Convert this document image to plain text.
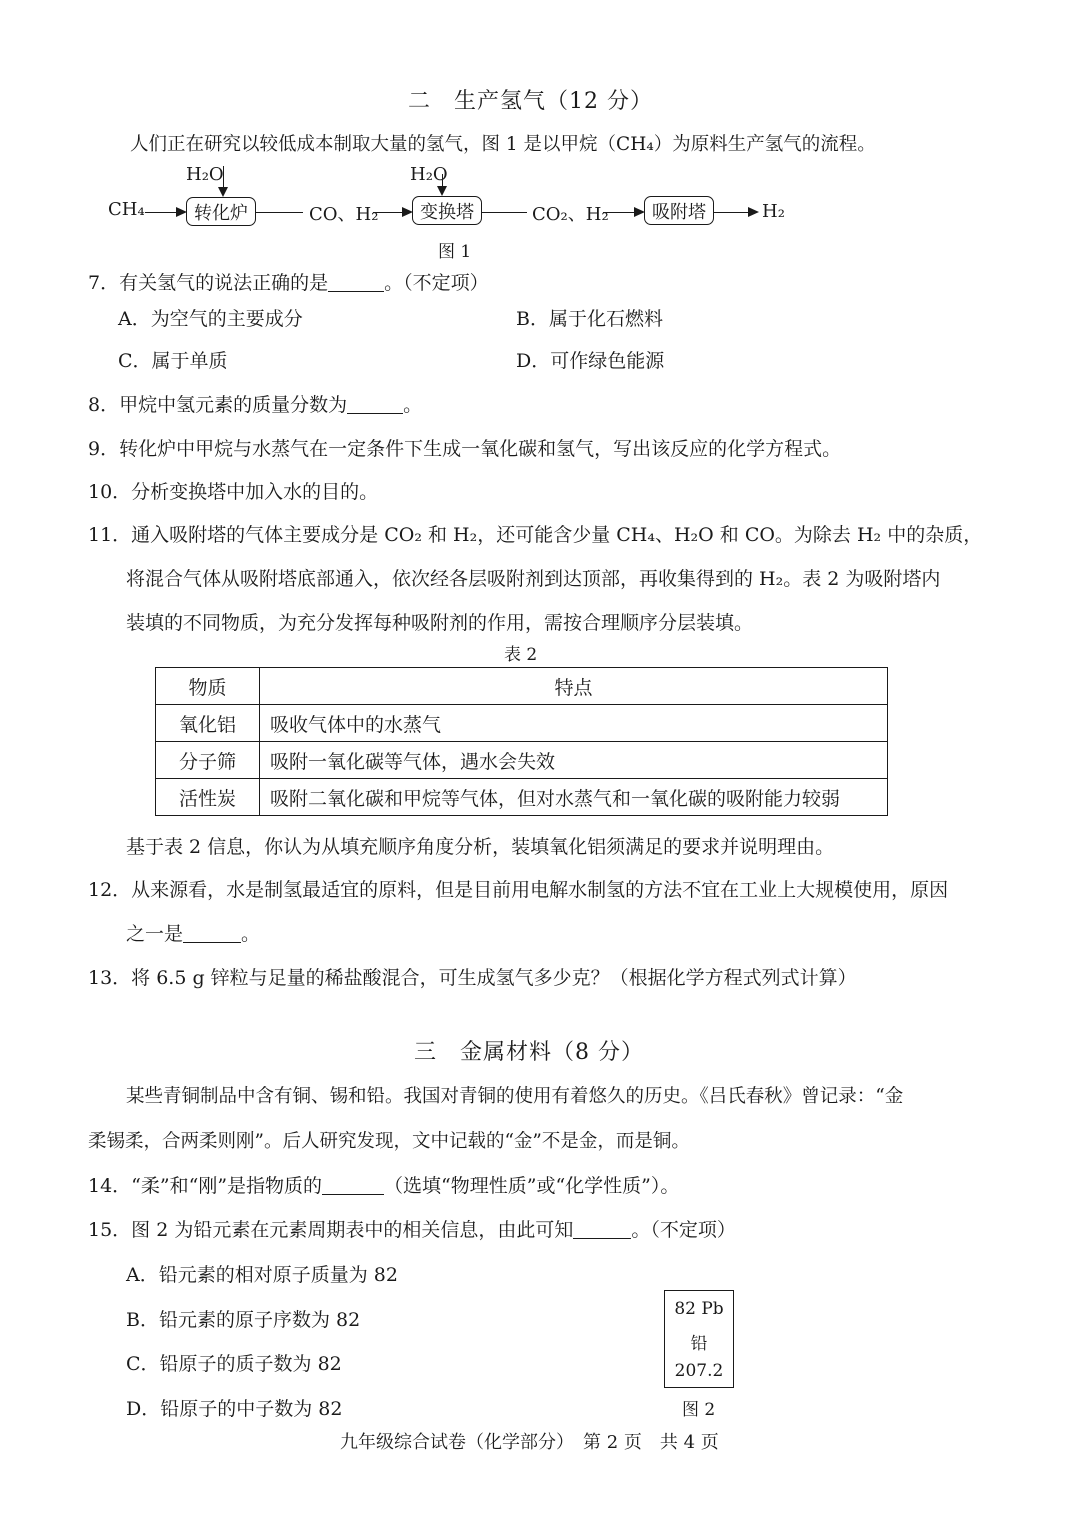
二　生产氢气（12 分）
人们正在研究以较低成本制取大量的氢气，图 1 是以甲烷（CH₄）为原料生产氢气的流程。
CH₄
H₂O
转化炉	CO、H₂
H₂O
变换塔	CO₂、H₂	吸附塔	H₂
图 1
7．有关氢气的说法正确的是	。（不定项）
A．为空气的主要成分	B．属于化石燃料
C．属于单质	D．可作绿色能源
8．甲烷中氢元素的质量分数为	。
9．转化炉中甲烷与水蒸气在一定条件下生成一氧化碳和氢气，写出该反应的化学方程式。
10．分析变换塔中加入水的目的。
11．通入吸附塔的气体主要成分是 CO₂ 和 H₂，还可能含少量 CH₄、H₂O 和 CO。为除去 H₂ 中的杂质，
将混合气体从吸附塔底部通入，依次经各层吸附剂到达顶部，再收集得到的 H₂。表 2 为吸附塔内
装填的不同物质，为充分发挥每种吸附剂的作用，需按合理顺序分层装填。
表 2
物质	特点
氧化铝	吸收气体中的水蒸气
分子筛	吸附一氧化碳等气体，遇水会失效
活性炭	吸附二氧化碳和甲烷等气体，但对水蒸气和一氧化碳的吸附能力较弱
基于表 2 信息，你认为从填充顺序角度分析，装填氧化铝须满足的要求并说明理由。
12．从来源看，水是制氢最适宜的原料，但是目前用电解水制氢的方法不宜在工业上大规模使用，原因
之一是	。
13．将 6.5 g 锌粒与足量的稀盐酸混合，可生成氢气多少克？（根据化学方程式列式计算）
三　金属材料（8 分）
某些青铜制品中含有铜、锡和铅。我国对青铜的使用有着悠久的历史。《吕氏春秋》曾记录：“金
柔锡柔，合两柔则刚”。后人研究发现，文中记载的“金”不是金，而是铜。
14．“柔”和“刚”是指物质的	（选填“物理性质”或“化学性质”）。
15．图 2 为铅元素在元素周期表中的相关信息，由此可知	。（不定项）
A．铅元素的相对原子质量为 82
B．铅元素的原子序数为 82
C．铅原子的质子数为 82
D．铅原子的中子数为 82
82 Pb
铅
207.2
图 2
九年级综合试卷（化学部分）　第 2 页　共 4 页
